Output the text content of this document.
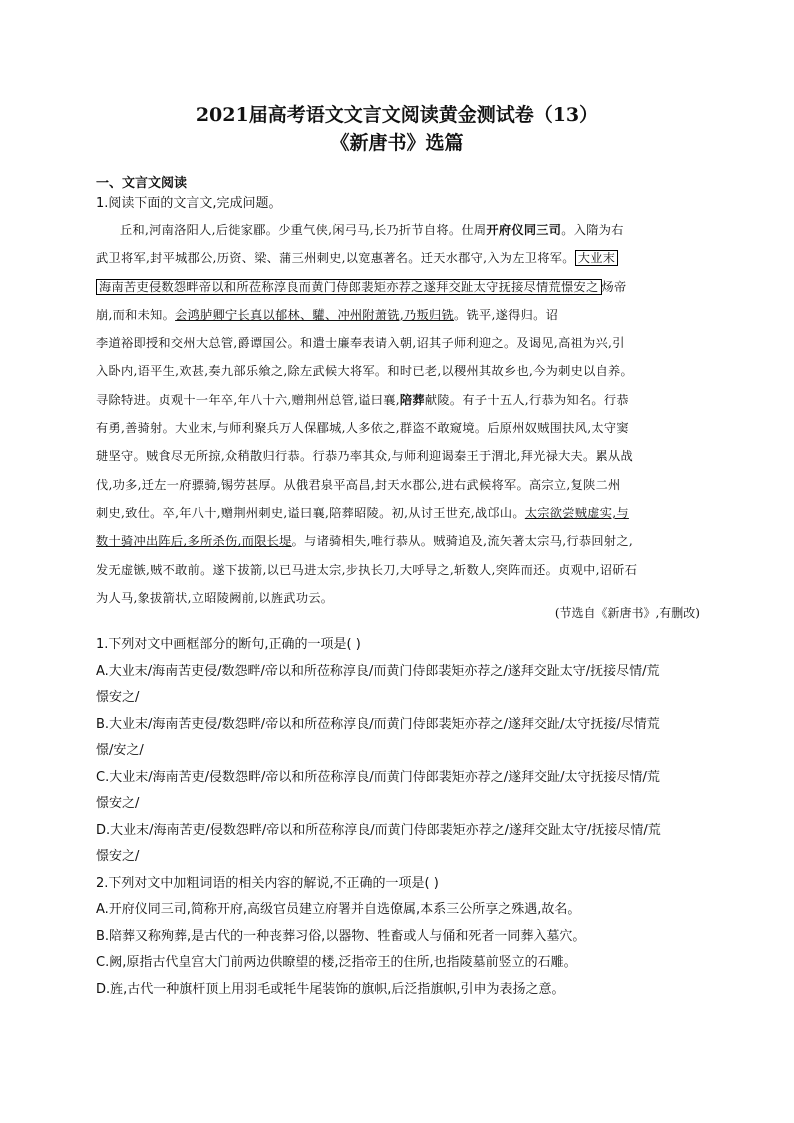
2021届高考语文文言文阅读黄金测试卷（13）
《新唐书》选篇
一、文言文阅读
1.阅读下面的文言文,完成问题。
丘和,河南洛阳人,后徙家郿。少重气侠,闲弓马,长乃折节自将。仕周开府仪同三司。入隋为右
武卫将军,封平城郡公,历资、梁、蒲三州刺史,以宽惠著名。迁天水郡守,入为左卫将军。 大业末
海南苦吏侵数怨畔帝以和所莅称淳良而黄门侍郎裴矩亦荐之遂拜交趾太守抚接尽情荒憬安之 炀帝
崩,而和未知。会鸿胪卿宁长真以郁林、驩、冲州附萧铣,乃叛归铣。铣平,遂得归。诏
李道裕即授和交州大总管,爵谭国公。和遣士廉奉表请入朝,诏其子师利迎之。及谒见,高祖为兴,引
入卧内,语平生,欢甚,奏九部乐飨之,除左武候大将军。和时已老,以稷州其故乡也,今为刺史以自养。
寻除特进。贞观十一年卒,年八十六,赠荆州总管,谥曰襄,陪葬献陵。有子十五人,行恭为知名。行恭
有勇,善骑射。大业末,与师利聚兵万人保郿城,人多依之,群盗不敢窥境。后原州奴贼围扶风,太守窦
琎坚守。贼食尽无所掠,众稍散归行恭。行恭乃率其众,与师利迎谒秦王于渭北,拜光禄大夫。累从战
伐,功多,迁左一府骠骑,锡劳甚厚。从俄君泉平高昌,封天水郡公,进右武候将军。高宗立,复陕二州
刺史,致仕。卒,年八十,赠荆州刺史,谥曰襄,陪葬昭陵。初,从讨王世充,战邙山。太宗欲尝贼虚实,与
数十骑冲出阵后,多所杀伤,而限长堤。与诸骑相失,唯行恭从。贼骑追及,流矢著太宗马,行恭回射之,
发无虚镞,贼不敢前。遂下拔箭,以已马进太宗,步执长刀,大呼导之,斩数人,突阵而还。贞观中,诏斫石
为人马,象拔箭状,立昭陵阙前,以旌武功云。
(节选自《新唐书》,有删改)
1.下列对文中画框部分的断句,正确的一项是( )
A.大业末/海南苦吏侵/数怨畔/帝以和所莅称淳良/而黄门侍郎裴矩亦荐之/遂拜交趾太守/抚接尽情/荒
憬安之/
B.大业末/海南苦吏侵/数怨畔/帝以和所莅称淳良/而黄门侍郎裴矩亦荐之/遂拜交趾/太守抚接/尽情荒
憬/安之/
C.大业末/海南苦吏/侵数怨畔/帝以和所莅称淳良/而黄门侍郎裴矩亦荐之/遂拜交趾/太守抚接尽情/荒
憬安之/
D.大业末/海南苦吏/侵数怨畔/帝以和所莅称淳良/而黄门侍郎裴矩亦荐之/遂拜交趾太守/抚接尽情/荒
憬安之/
2.下列对文中加粗词语的相关内容的解说,不正确的一项是( )
A.开府仪同三司,简称开府,高级官员建立府署并自选僚属,本系三公所享之殊遇,故名。
B.陪葬又称殉葬,是古代的一种丧葬习俗,以器物、牲畜或人与俑和死者一同葬入墓穴。
C.阙,原指古代皇宫大门前两边供瞭望的楼,泛指帝王的住所,也指陵墓前竖立的石雕。
D.旌,古代一种旗杆顶上用羽毛或牦牛尾装饰的旗帜,后泛指旗帜,引申为表扬之意。
